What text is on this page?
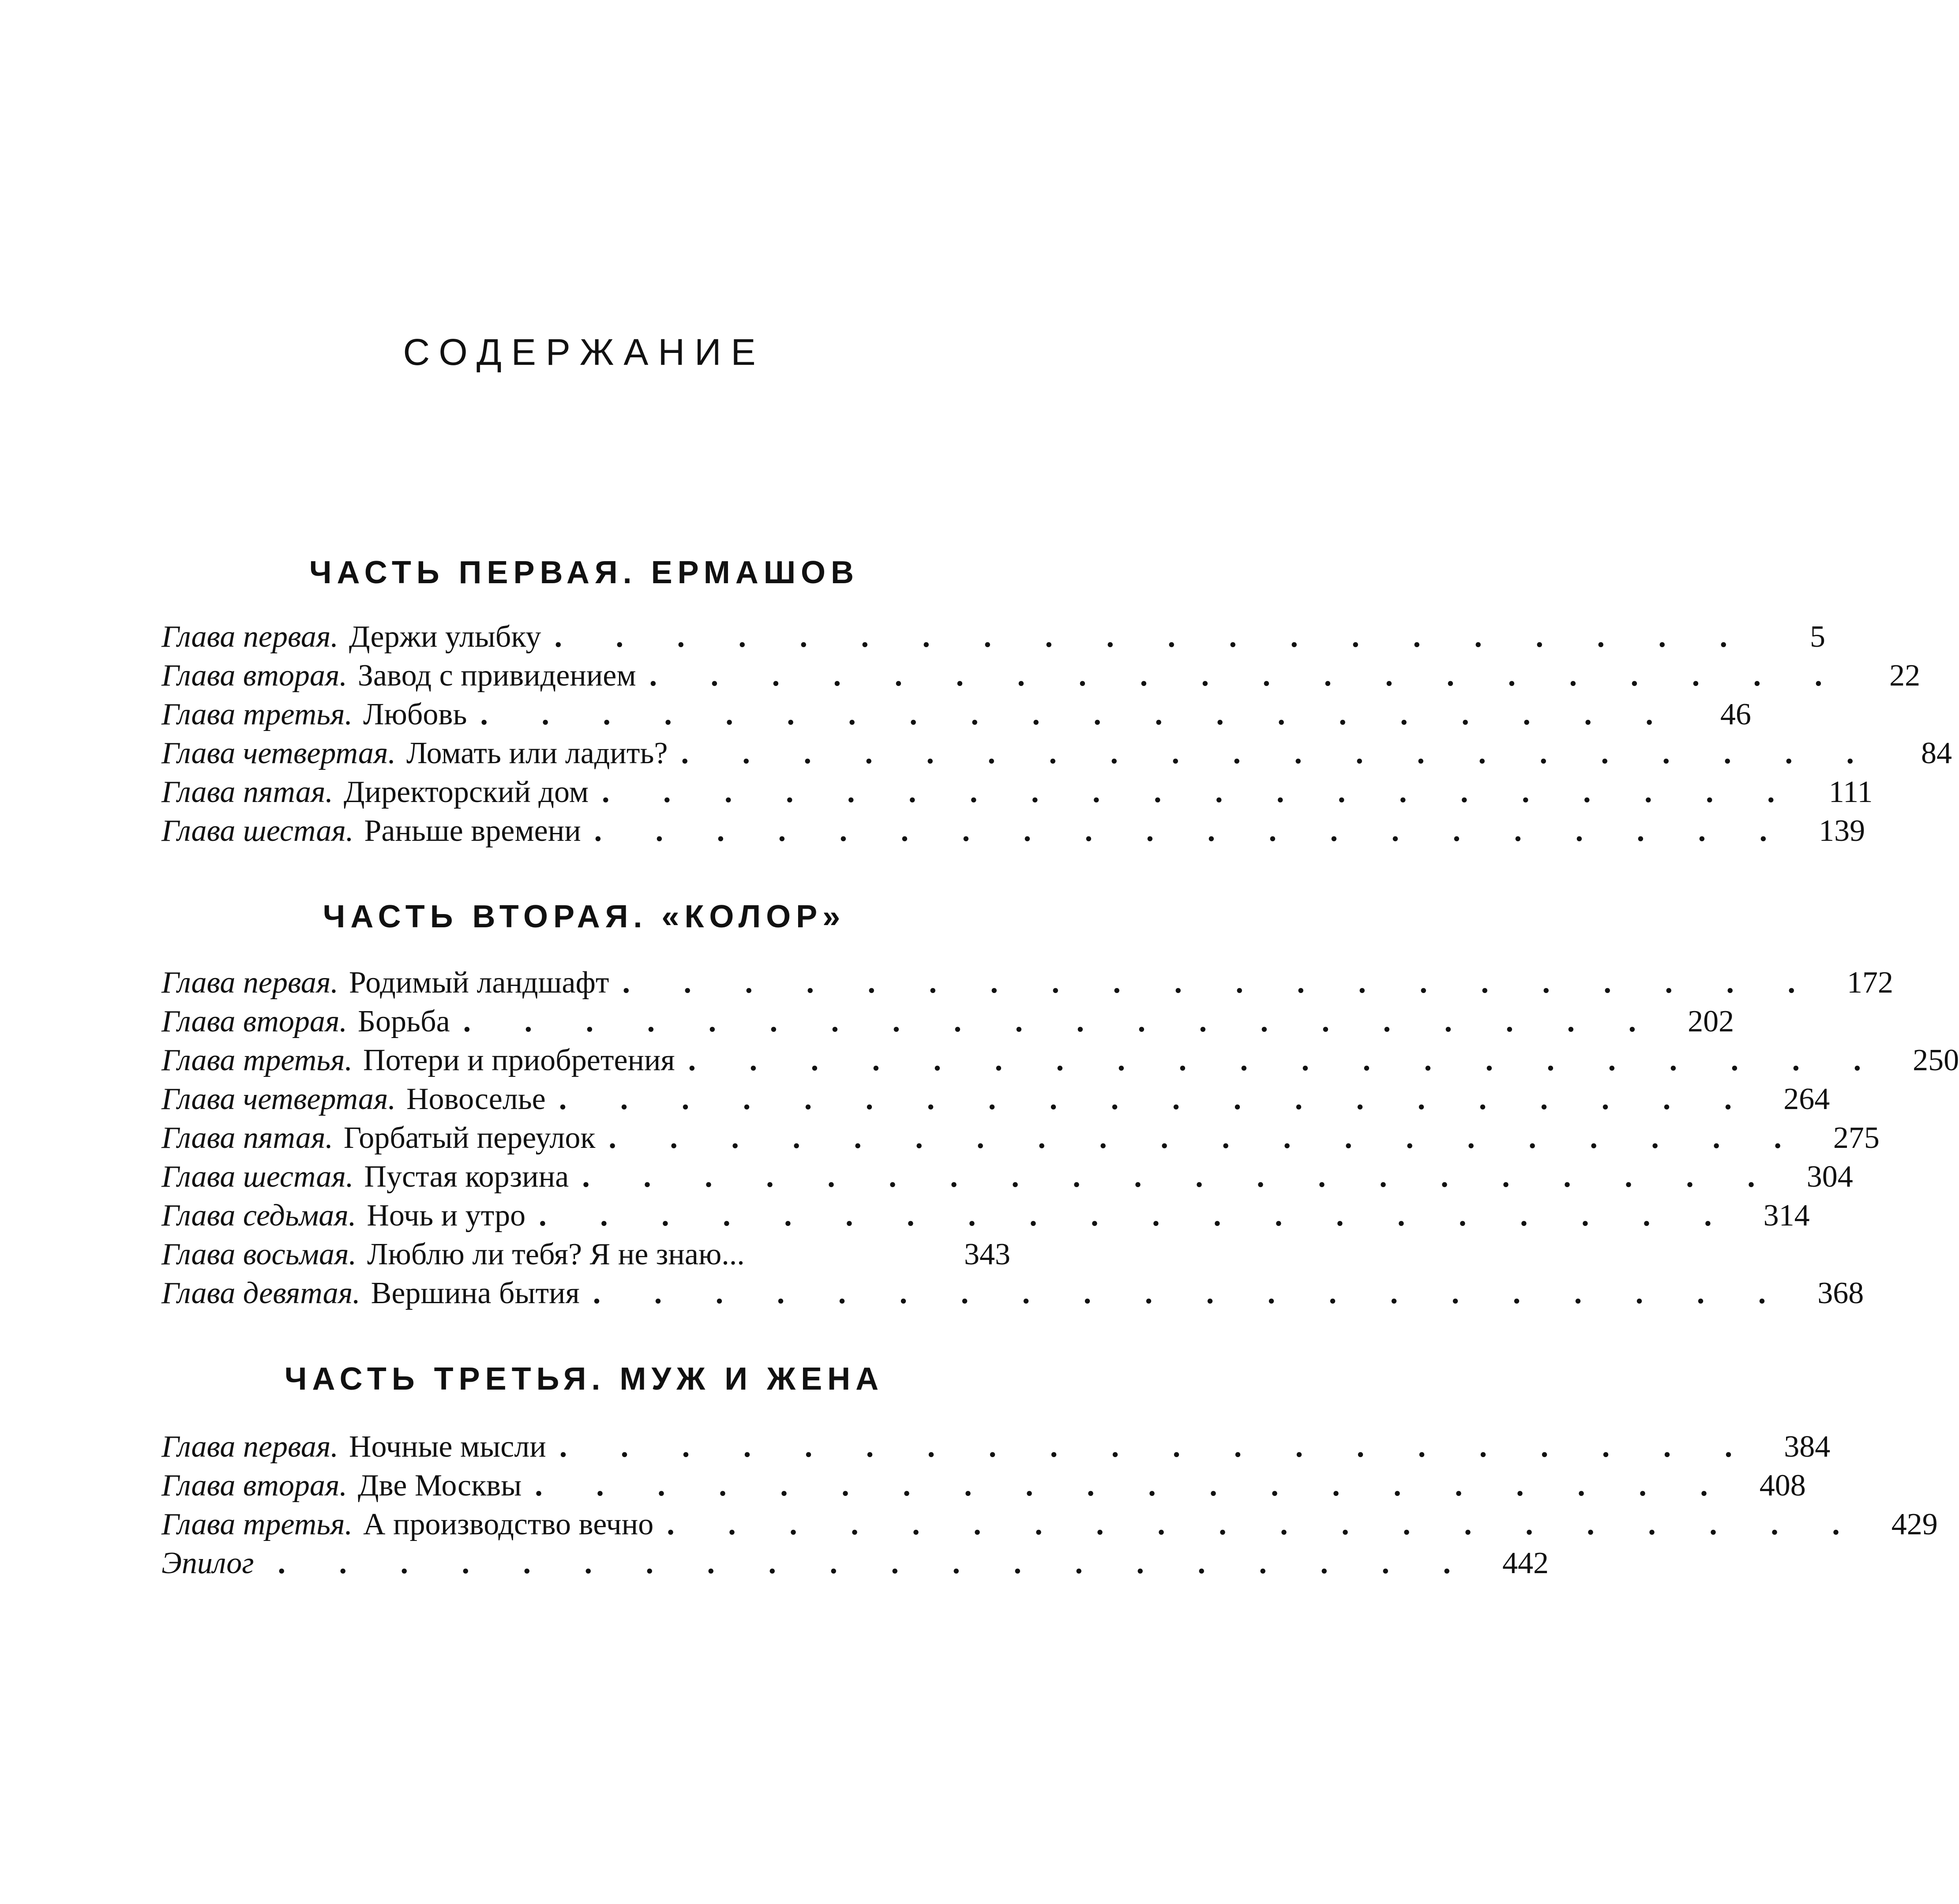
СОДЕРЖАНИЕ
ЧАСТЬ ПЕРВАЯ. ЕРМАШОВ
Глава первая. Держи улыбку . . . . . . . . . . . . . . . . . . . .	5
Глава вторая. Завод с привидением . . . . . . . . . . . . . . . . . . . .	22
Глава третья. Любовь . . . . . . . . . . . . . . . . . . . .	46
Глава четвертая. Ломать или ладить? . . . . . . . . . . . . . . . . . . . .	84
Глава пятая. Директорский дом . . . . . . . . . . . . . . . . . . . .	111
Глава шестая. Раньше времени . . . . . . . . . . . . . . . . . . . . 139
ЧАСТЬ ВТОРАЯ. «КОЛОР»
Глава первая. Родимый ландшафт . . . . . . . . . . . . . . . . . . . . 172
Глава вторая. Борьба . . . . . . . . . . . . . . . . . . . . 202
Глава третья. Потери и приобретения . . . . . . . . . . . . . . . . . . . . 250
Глава четвертая. Новоселье . . . . . . . . . . . . . . . . . . . . 264
Глава пятая. Горбатый переулок . . . . . . . . . . . . . . . . . . . . 275
Глава шестая. Пустая корзина . . . . . . . . . . . . . . . . . . . . 304
Глава седьмая. Ночь и утро . . . . . . . . . . . . . . . . . . . . 314
Глава восьмая. Люблю ли тебя? Я не знаю...	343
Глава девятая. Вершина бытия . . . . . . . . . . . . . . . . . . . . 368
ЧАСТЬ ТРЕТЬЯ. МУЖ И ЖЕНА
Глава первая. Ночные мысли . . . . . . . . . . . . . . . . . . . . 384
Глава вторая. Две Москвы . . . . . . . . . . . . . . . . . . . . 408
Глава третья. А производство вечно . . . . . . . . . . . . . . . . . . . . 429
Эпилог . . . . . . . . . . . . . . . . . . . . 442
